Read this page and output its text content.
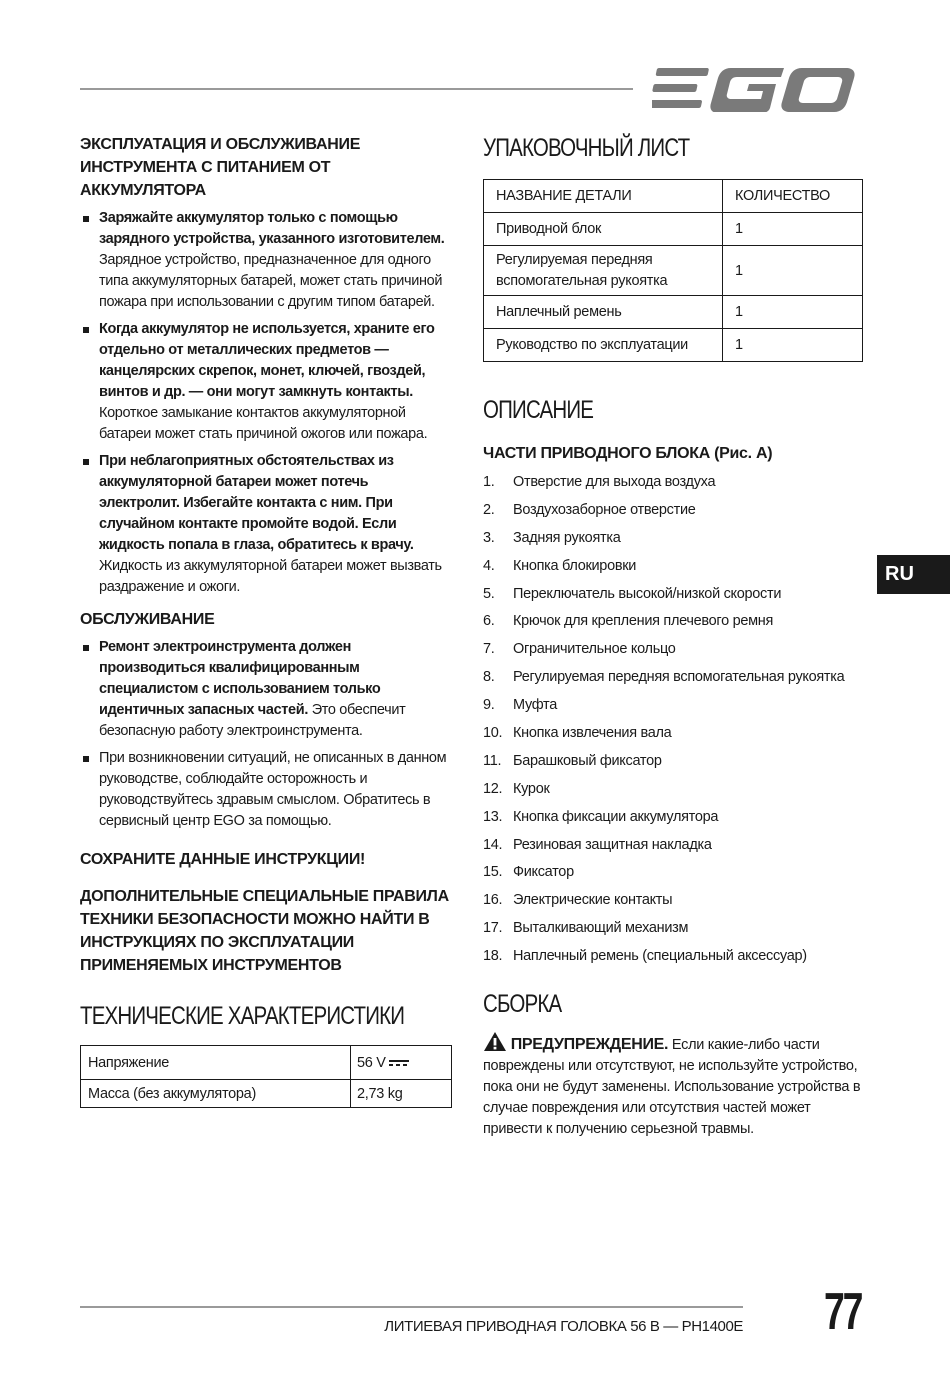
ЭКСПЛУАТАЦИЯ И ОБСЛУЖИВАНИЕ ИНСТРУМЕНТА С ПИТАНИЕМ ОТ АККУМУЛЯТОРА
Заряжайте аккумулятор только с помощью зарядного устройства, указанного изготовителем. Зарядное устройство, предназначенное для одного типа аккумуляторных батарей, может стать причиной пожара при использовании с другим типом батарей.
Когда аккумулятор не используется, храните его отдельно от металлических предметов — канцелярских скрепок, монет, ключей, гвоздей, винтов и др. — они могут замкнуть контакты. Короткое замыкание контактов аккумуляторной батареи может стать причиной ожогов или пожара.
При неблагоприятных обстоятельствах из аккумуляторной батареи может потечь электролит. Избегайте контакта с ним. При случайном контакте промойте водой. Если жидкость попала в глаза, обратитесь к врачу. Жидкость из аккумуляторной батареи может вызвать раздражение и ожоги.
ОБСЛУЖИВАНИЕ
Ремонт электроинструмента должен производиться квалифицированным специалистом с использованием только идентичных запасных частей. Это обеспечит безопасную работу электроинструмента.
При возникновении ситуаций, не описанных в данном руководстве, соблюдайте осторожность и руководствуйтесь здравым смыслом. Обратитесь в сервисный центр EGO за помощью.
СОХРАНИТЕ ДАННЫЕ ИНСТРУКЦИИ!
ДОПОЛНИТЕЛЬНЫЕ СПЕЦИАЛЬНЫЕ ПРАВИЛА ТЕХНИКИ БЕЗОПАСНОСТИ МОЖНО НАЙТИ В ИНСТРУКЦИЯХ ПО ЭКСПЛУАТАЦИИ ПРИМЕНЯЕМЫХ ИНСТРУМЕНТОВ
ТЕХНИЧЕСКИЕ ХАРАКТЕРИСТИКИ
Напряжение	56 V

Масса (без аккумулятора)	2,73 kg
УПАКОВОЧНЫЙ ЛИСТ
НАЗВАНИЕ ДЕТАЛИ	КОЛИЧЕСТВО
Приводной блок	1
Регулируемая передняя вспомогательная рукоятка	1
Наплечный ремень	1
Руководство по эксплуатации	1
ОПИСАНИЕ
ЧАСТИ ПРИВОДНОГО БЛОКА (Рис. А)
1. Отверстие для выхода воздуха
2. Воздухозаборное отверстие
3. Задняя рукоятка
4. Кнопка блокировки
5. Переключатель высокой/низкой скорости
6. Крючок для крепления плечевого ремня
7. Ограничительное кольцо
8. Регулируемая передняя вспомогательная рукоятка
9. Муфта
10. Кнопка извлечения вала
11. Барашковый фиксатор
12. Курок
13. Кнопка фиксации аккумулятора
14. Резиновая защитная накладка
15. Фиксатор
16. Электрические контакты
17. Выталкивающий механизм
18. Наплечный ремень (специальный аксессуар)
СБОРКА
ПРЕДУПРЕЖДЕНИЕ. Если какие-либо части повреждены или отсутствуют, не используйте устройство, пока они не будут заменены. Использование устройства в случае повреждения или отсутствия частей может привести к получению серьезной травмы.
RU
ЛИТИЕВАЯ ПРИВОДНАЯ ГОЛОВКА 56 В — PH1400E 77
